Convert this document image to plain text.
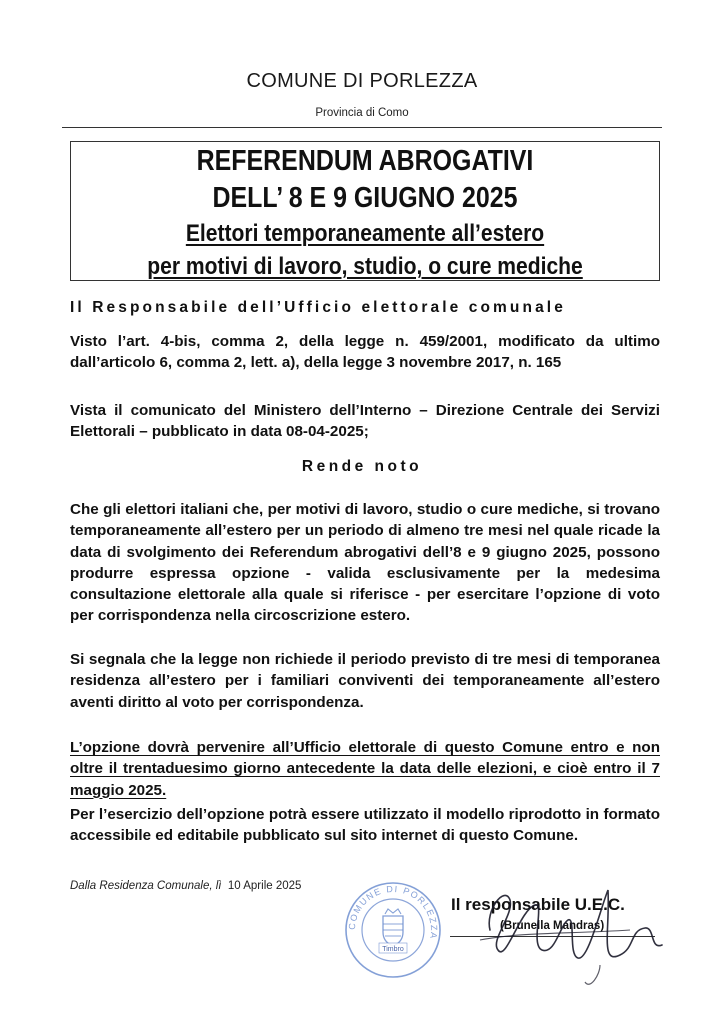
COMUNE DI PORLEZZA
Provincia di Como
REFERENDUM ABROGATIVI
DELL’ 8 E 9 GIUGNO 2025
Elettori temporaneamente all’estero
per motivi di lavoro, studio, o cure mediche
Il Responsabile dell’Ufficio elettorale comunale
Visto l’art. 4-bis, comma 2, della legge n. 459/2001, modificato da ultimo dall’articolo 6, comma 2, lett. a), della legge 3 novembre 2017, n. 165
Vista il comunicato del Ministero dell’Interno – Direzione Centrale dei Servizi Elettorali – pubblicato in data 08-04-2025;
Rende noto
Che gli elettori italiani che, per motivi di lavoro, studio o cure mediche, si trovano temporaneamente all’estero per un periodo di almeno tre mesi nel quale ricade la data di svolgimento dei Referendum abrogativi dell’8 e 9 giugno 2025, possono produrre espressa opzione - valida esclusivamente per la medesima consultazione elettorale alla quale si riferisce - per esercitare l’opzione di voto per corrispondenza nella circoscrizione estero.
Si segnala che la legge non richiede il periodo previsto di tre mesi di temporanea residenza all’estero per i familiari conviventi dei temporaneamente all’estero aventi diritto al voto per corrispondenza.
L’opzione dovrà pervenire all’Ufficio elettorale di questo Comune entro e non oltre il trentaduesimo giorno antecedente la data delle elezioni, e cioè entro il 7 maggio 2025.
Per l’esercizio dell’opzione potrà essere utilizzato il modello riprodotto in formato accessibile ed editabile pubblicato sul sito internet di questo Comune.
Dalla Residenza Comunale, lì 10 Aprile 2025
COMUNE DI PORLEZZA
Timbro
Il responsabile U.E.C.
(Brunella Mandras)
